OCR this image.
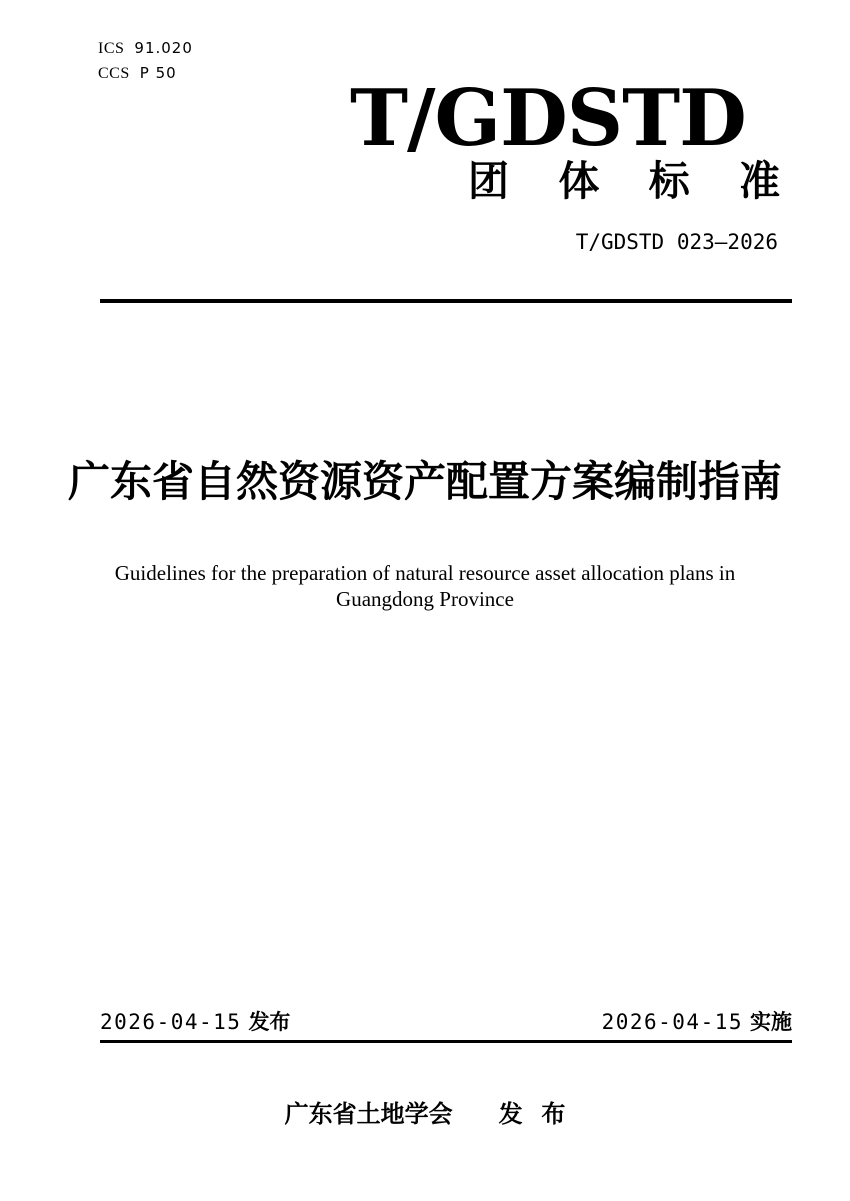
ICS 91.020
CCS P 50 T/GDSTD
团 体 标 准
T/GDSTD 023—2026
广东省自然资源资产配置方案编制指南
Guidelines for the preparation of natural resource asset allocation plans in
Guangdong Province
2026-04-15 发布	2026-04-15 实施
广东省土地学会 发 布
